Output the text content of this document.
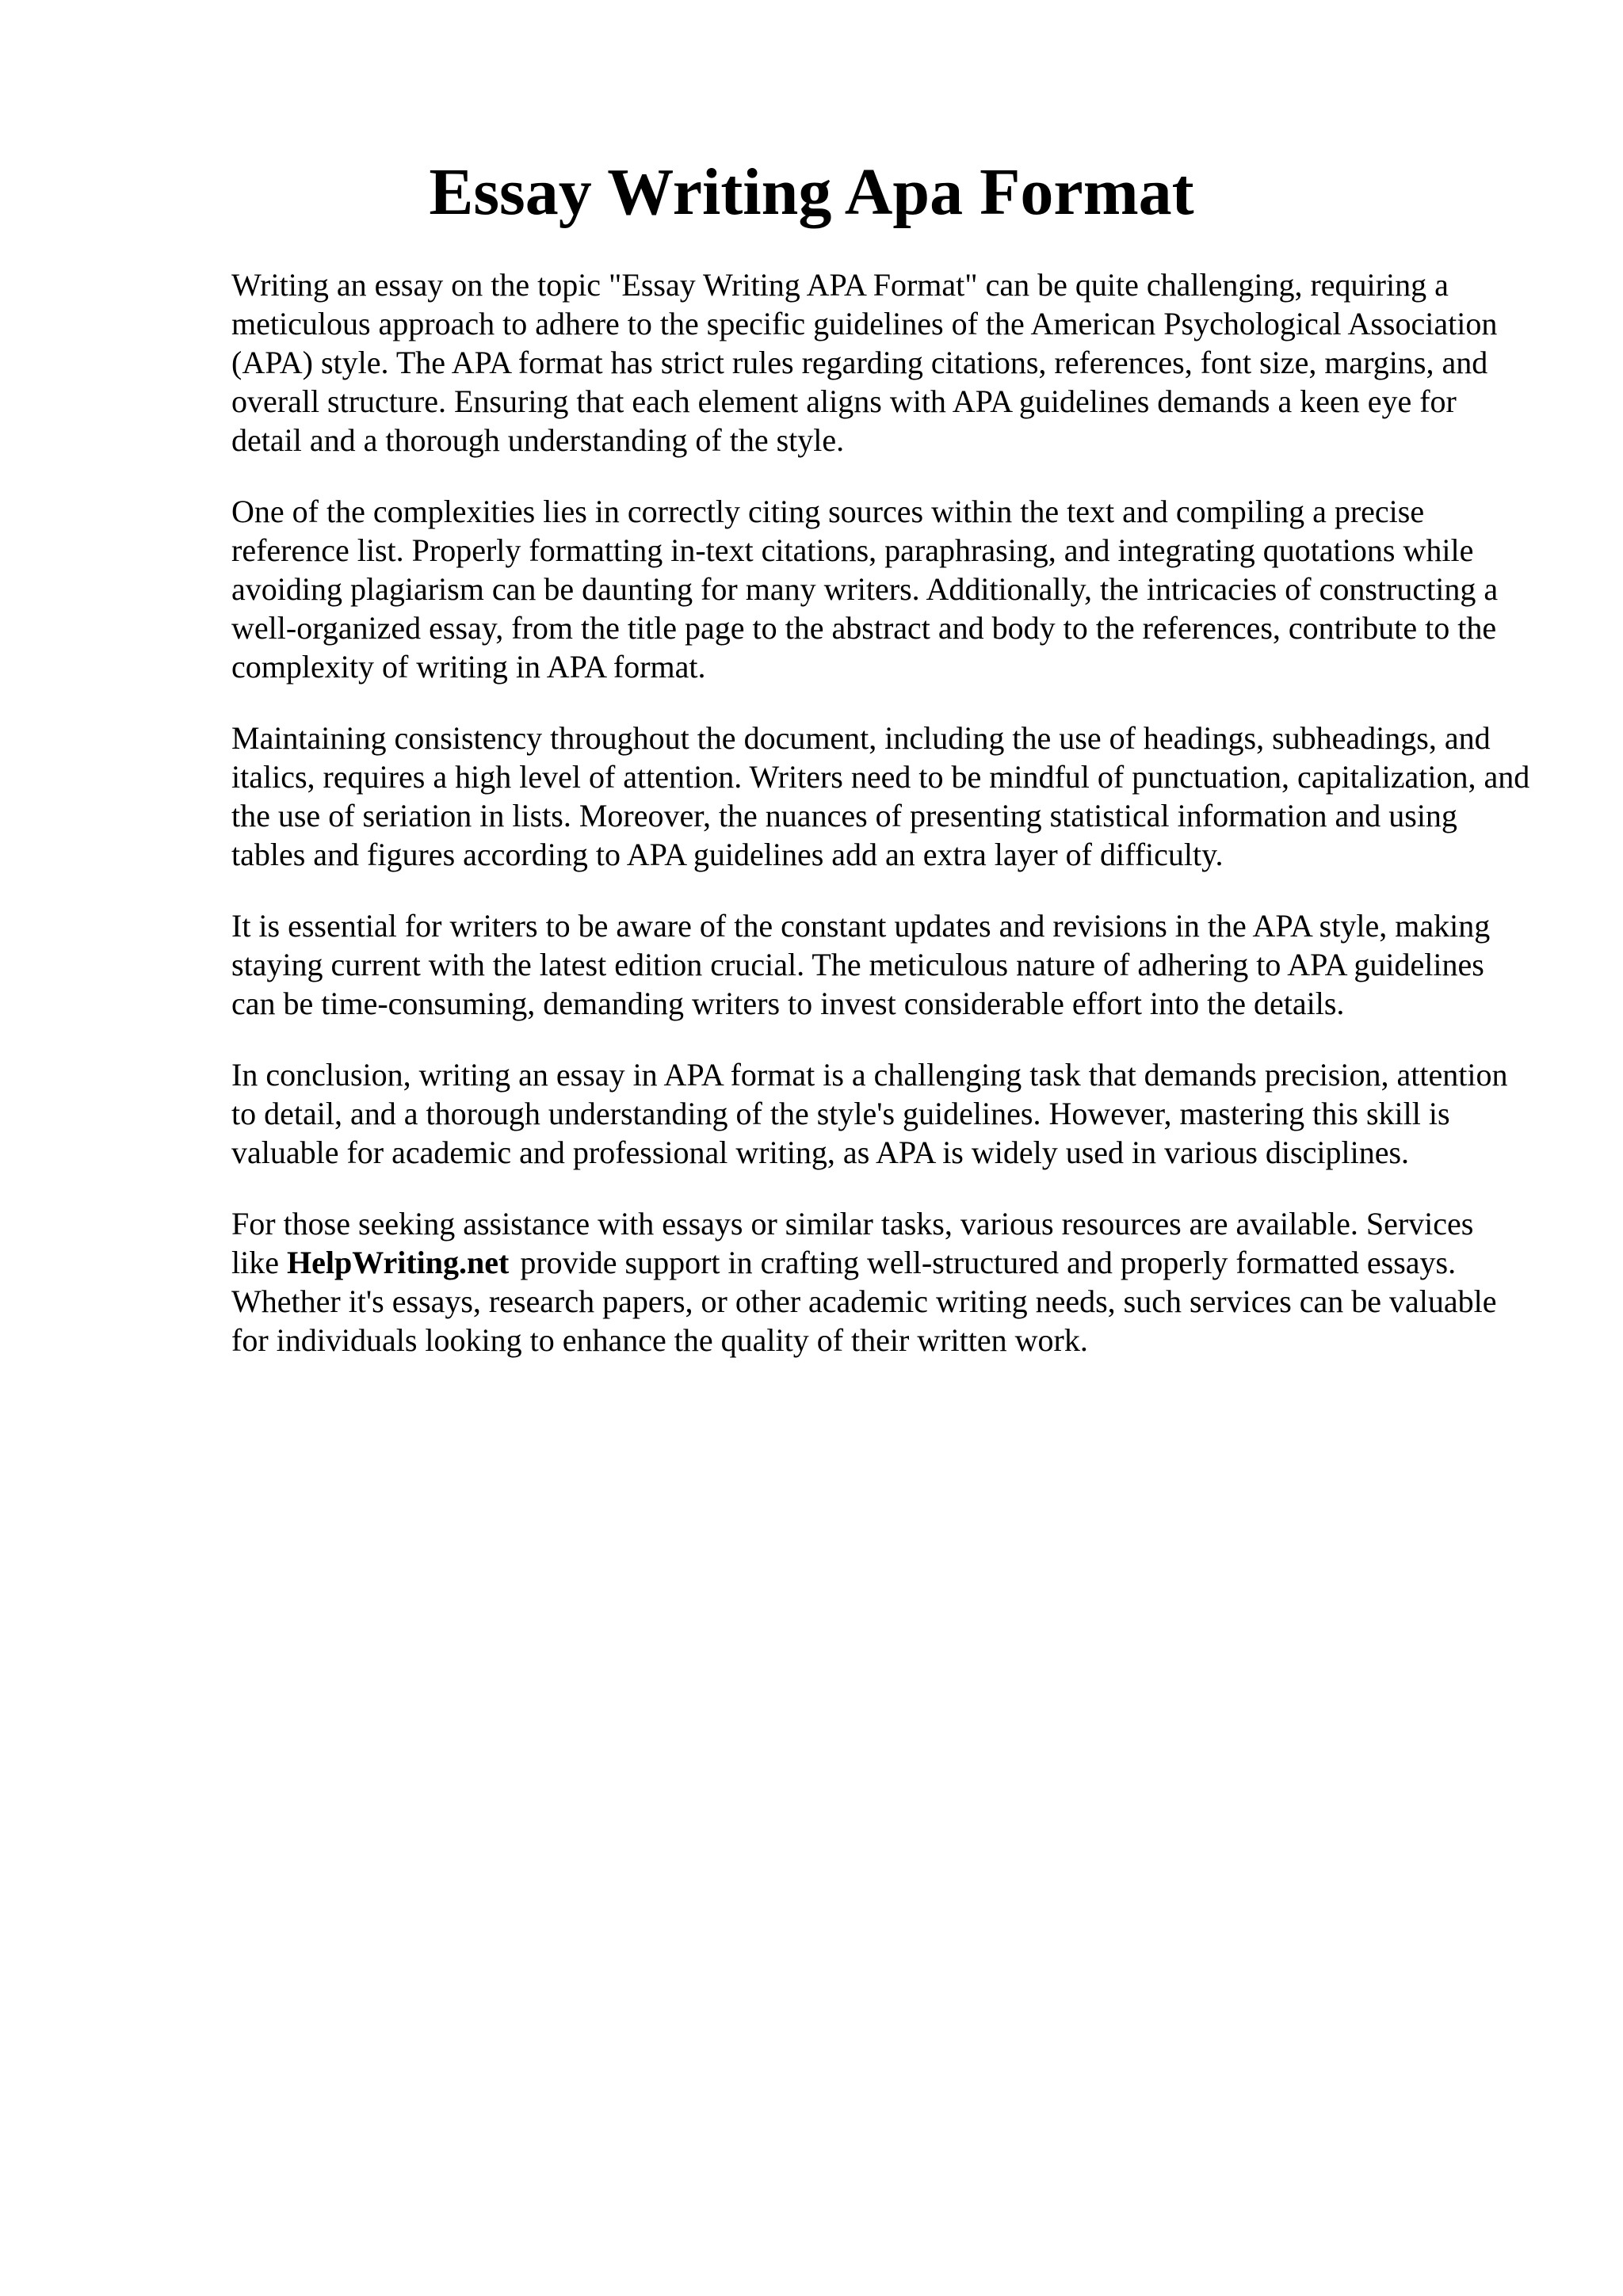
Essay Writing Apa Format

Writing an essay on the topic "Essay Writing APA Format" can be quite challenging, requiring a meticulous approach to adhere to the specific guidelines of the American Psychological Association (APA) style. The APA format has strict rules regarding citations, references, font size, margins, and overall structure. Ensuring that each element aligns with APA guidelines demands a keen eye for detail and a thorough understanding of the style.

One of the complexities lies in correctly citing sources within the text and compiling a precise reference list. Properly formatting in-text citations, paraphrasing, and integrating quotations while avoiding plagiarism can be daunting for many writers. Additionally, the intricacies of constructing a well-organized essay, from the title page to the abstract and body to the references, contribute to the complexity of writing in APA format.

Maintaining consistency throughout the document, including the use of headings, subheadings, and italics, requires a high level of attention. Writers need to be mindful of punctuation, capitalization, and the use of seriation in lists. Moreover, the nuances of presenting statistical information and using tables and figures according to APA guidelines add an extra layer of difficulty.

It is essential for writers to be aware of the constant updates and revisions in the APA style, making staying current with the latest edition crucial. The meticulous nature of adhering to APA guidelines can be time-consuming, demanding writers to invest considerable effort into the details.

In conclusion, writing an essay in APA format is a challenging task that demands precision, attention to detail, and a thorough understanding of the style's guidelines. However, mastering this skill is valuable for academic and professional writing, as APA is widely used in various disciplines.

For those seeking assistance with essays or similar tasks, various resources are available. Services like HelpWriting.net provide support in crafting well-structured and properly formatted essays. Whether it's essays, research papers, or other academic writing needs, such services can be valuable for individuals looking to enhance the quality of their written work.
